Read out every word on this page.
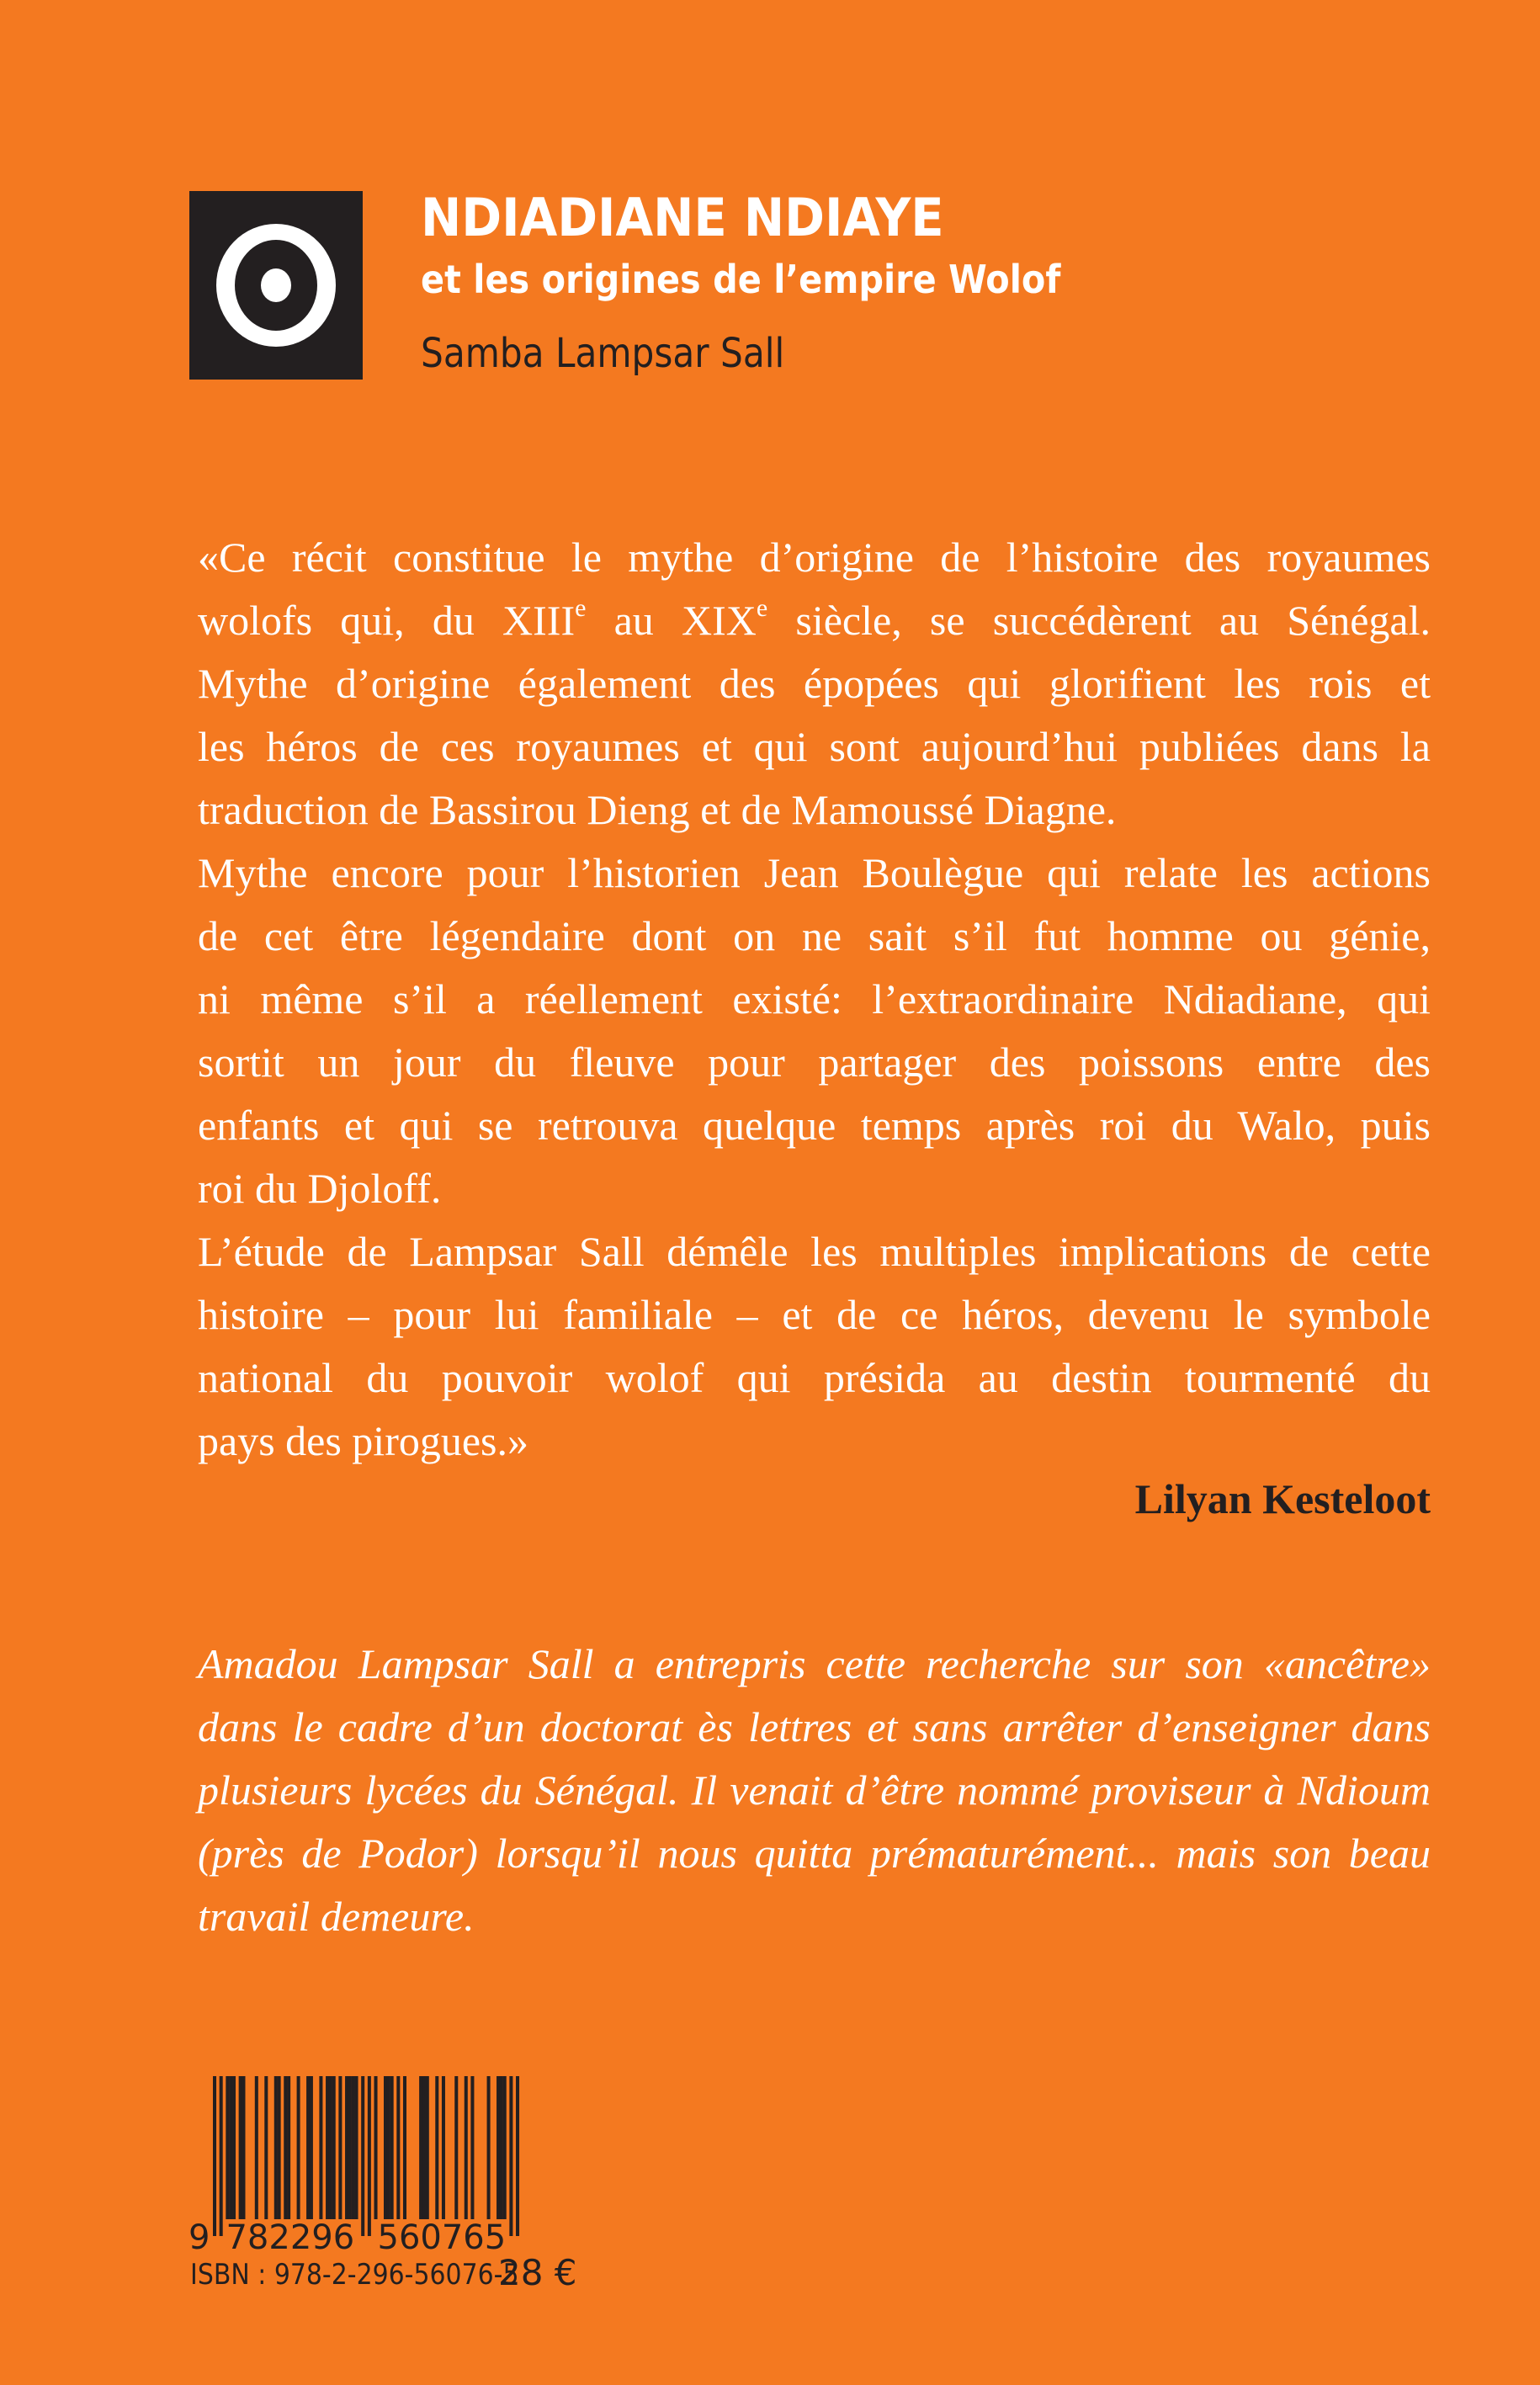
NDIADIANE NDIAYE
et les origines de l’empire Wolof
Samba Lampsar Sall
«Ce récit constitue le mythe d’origine de l’histoire des royaumes
wolofs qui, du XIIIe au XIXe siècle, se succédèrent au Sénégal.
Mythe d’origine également des épopées qui glorifient les rois et
les héros de ces royaumes et qui sont aujourd’hui publiées dans la
traduction de Bassirou Dieng et de Mamoussé Diagne.
Mythe encore pour l’historien Jean Boulègue qui relate les actions
de cet être légendaire dont on ne sait s’il fut homme ou génie,
ni même s’il a réellement existé: l’extraordinaire Ndiadiane, qui
sortit un jour du fleuve pour partager des poissons entre des
enfants et qui se retrouva quelque temps après roi du Walo, puis
roi du Djoloff.
L’étude de Lampsar Sall démêle les multiples implications de cette
histoire – pour lui familiale – et de ce héros, devenu le symbole
national du pouvoir wolof qui présida au destin tourmenté du
pays des pirogues.»
Lilyan Kesteloot
Amadou Lampsar Sall a entrepris cette recherche sur son «ancêtre»
dans le cadre d’un doctorat ès lettres et sans arrêter d’enseigner dans
plusieurs lycées du Sénégal. Il venait d’être nommé proviseur à Ndioum
(près de Podor) lorsqu’il nous quitta prématurément... mais son beau
travail demeure.
9 782296 560765
ISBN : 978-2-296-56076-5
28 €
